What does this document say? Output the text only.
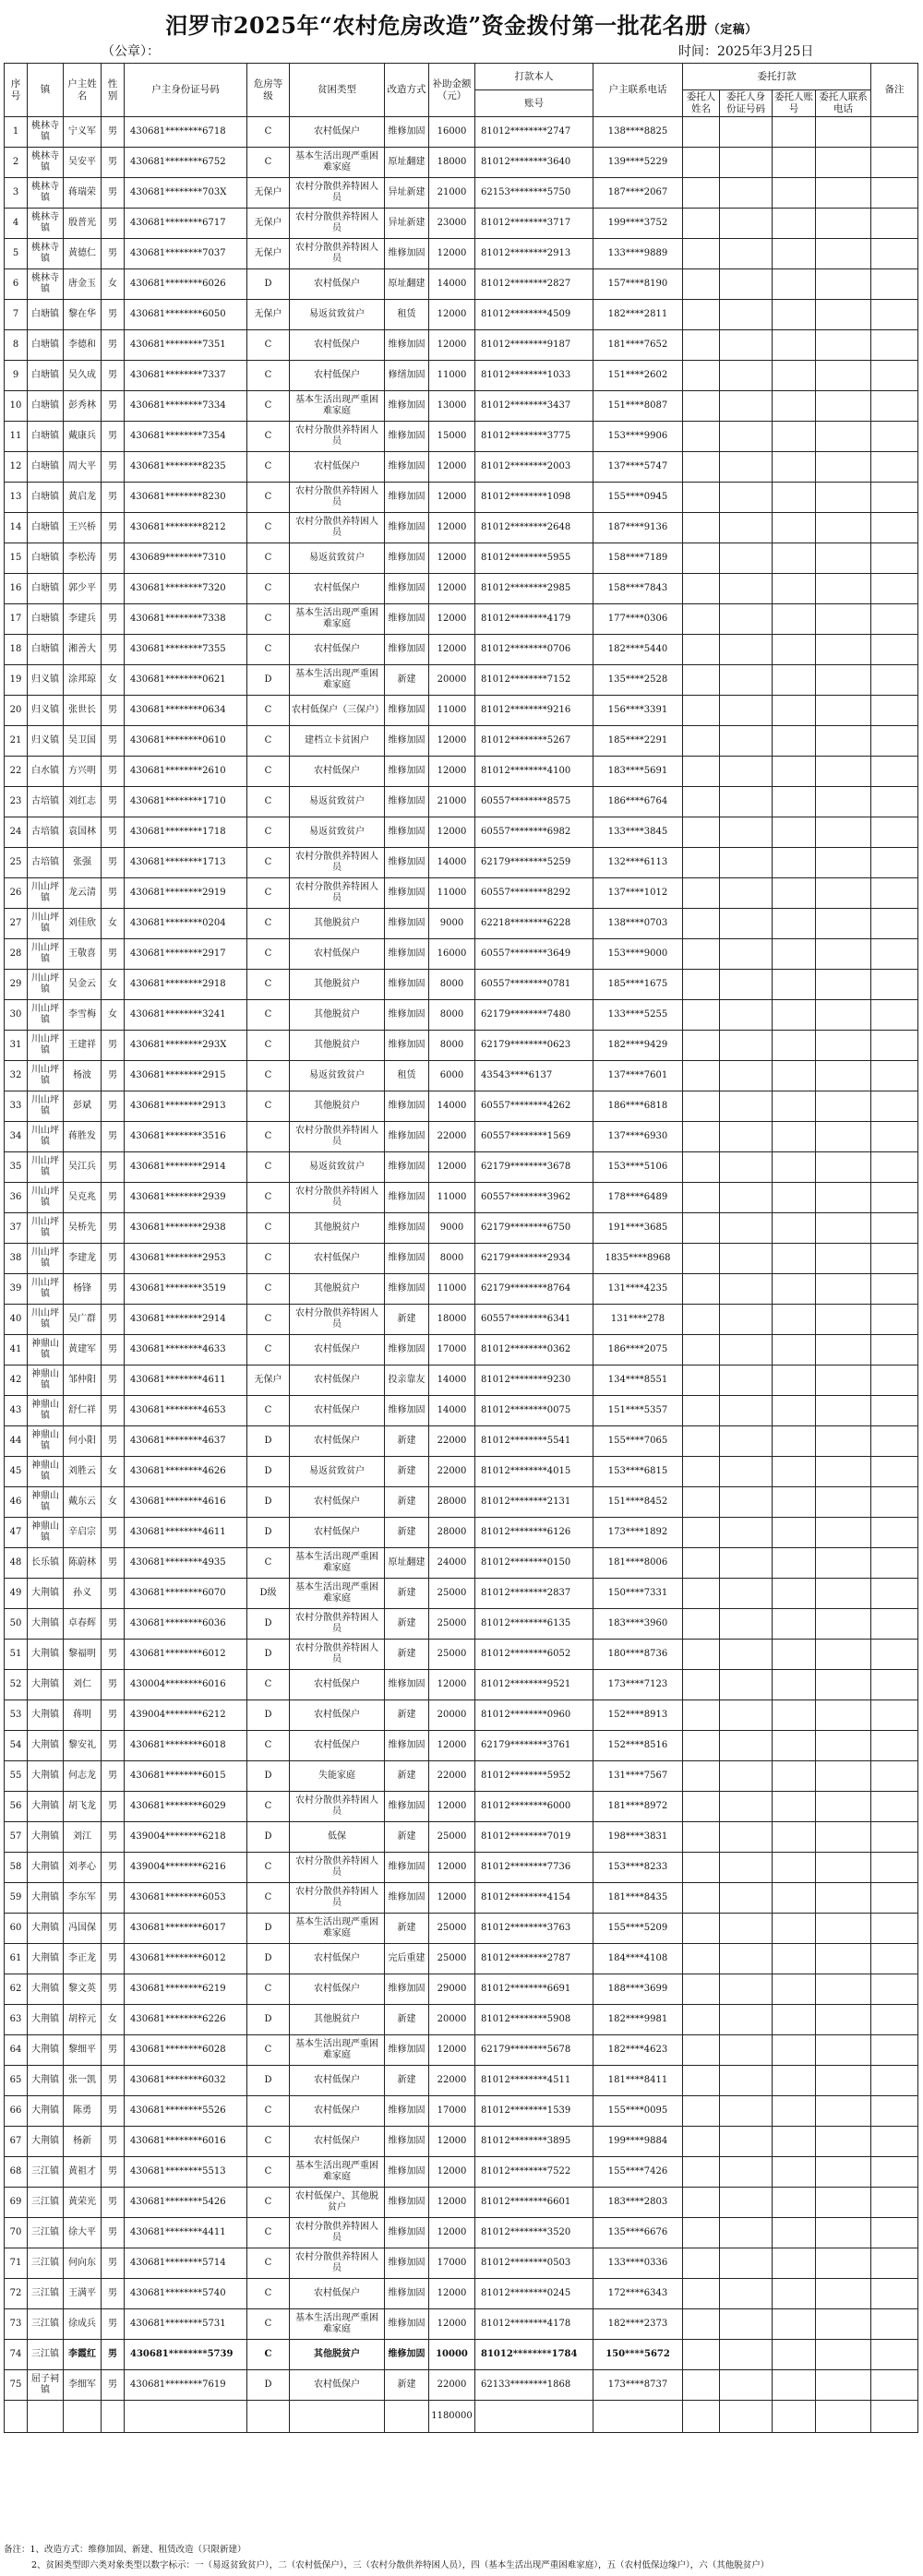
汨罗市2025年“农村危房改造”资金拨付第一批花名册（定稿）
（公章）：	时间：2025年3月25日
序号	镇	户主姓名	性别	户主身份证号码	危房等级	贫困类型	改造方式	补助金额（元）	打款本人	户主联系电话	委托打款				备注
									账号		委托人姓名	委托人身份证号码	委托人账号	委托人联系电话	
1	桃林寺镇	宁义军	男	430681********6718	C	农村低保户	维修加固	16000	81012********2747	138****8825					
2	桃林寺镇	吴安平	男	430681********6752	C	基本生活出现严重困难家庭	原址翻建	18000	81012********3640	139****5229					
3	桃林寺镇	蒋瑞荣	男	430681********703X	无保户	农村分散供养特困人员	异址新建	21000	62153********5750	187****2067					
4	桃林寺镇	殷普光	男	430681********6717	无保户	农村分散供养特困人员	异址新建	23000	81012********3717	199****3752					
5	桃林寺镇	黄德仁	男	430681********7037	无保户	农村分散供养特困人员	维修加固	12000	81012********2913	133****9889					
6	桃林寺镇	唐金玉	女	430681********6026	D	农村低保户	原址翻建	14000	81012********2827	157****8190					
7	白塘镇	黎在华	男	430681********6050	无保户	易返贫致贫户	租赁	12000	81012********4509	182****2811					
8	白塘镇	李德和	男	430681********7351	C	农村低保户	维修加固	12000	81012********9187	181****7652					
9	白塘镇	吴久成	男	430681********7337	C	农村低保户	修缮加固	11000	81012********1033	151****2602					
10	白塘镇	彭秀林	男	430681********7334	C	基本生活出现严重困难家庭	维修加固	13000	81012********3437	151****8087					
11	白塘镇	戴康兵	男	430681********7354	C	农村分散供养特困人员	维修加固	15000	81012********3775	153****9906					
12	白塘镇	周大平	男	430681********8235	C	农村低保户	维修加固	12000	81012********2003	137****5747					
13	白塘镇	黄启龙	男	430681********8230	C	农村分散供养特困人员	维修加固	12000	81012********1098	155****0945					
14	白塘镇	王兴桥	男	430681********8212	C	农村分散供养特困人员	维修加固	12000	81012********2648	187****9136					
15	白塘镇	李松涛	男	430689********7310	C	易返贫致贫户	维修加固	12000	81012********5955	158****7189					
16	白塘镇	郭少平	男	430681********7320	C	农村低保户	维修加固	12000	81012********2985	158****7843					
17	白塘镇	李建兵	男	430681********7338	C	基本生活出现严重困难家庭	维修加固	12000	81012********4179	177****0306					
18	白塘镇	湘善大	男	430681********7355	C	农村低保户	维修加固	12000	81012********0706	182****5440					
19	归义镇	涂邦琼	女	430681********0621	D	基本生活出现严重困难家庭	新建	20000	81012********7152	135****2528					
20	归义镇	张世长	男	430681********0634	C	农村低保户（三保户）	维修加固	11000	81012********9216	156****3391					
21	归义镇	吴卫国	男	430681********0610	C	建档立卡贫困户	维修加固	12000	81012********5267	185****2291					
22	白水镇	方兴明	男	430681********2610	C	农村低保户	维修加固	12000	81012********4100	183****5691					
23	古培镇	刘红志	男	430681********1710	C	易返贫致贫户	维修加固	21000	60557********8575	186****6764					
24	古培镇	袁国林	男	430681********1718	C	易返贫致贫户	维修加固	12000	60557********6982	133****3845					
25	古培镇	张强	男	430681********1713	C	农村分散供养特困人员	维修加固	14000	62179********5259	132****6113					
26	川山坪镇	龙云清	男	430681********2919	C	农村分散供养特困人员	维修加固	11000	60557********8292	137****1012					
27	川山坪镇	刘佳欣	女	430681********0204	C	其他脱贫户	维修加固	9000	62218********6228	138****0703					
28	川山坪镇	王敬喜	男	430681********2917	C	农村低保户	维修加固	16000	60557********3649	153****9000					
29	川山坪镇	吴金云	女	430681********2918	C	其他脱贫户	维修加固	8000	60557********0781	185****1675					
30	川山坪镇	李雪梅	女	430681********3241	C	其他脱贫户	维修加固	8000	62179********7480	133****5255					
31	川山坪镇	王建祥	男	430681********293X	C	其他脱贫户	维修加固	8000	62179********0623	182****9429					
32	川山坪镇	杨波	男	430681********2915	C	易返贫致贫户	租赁	6000	43543****6137	137****7601					
33	川山坪镇	彭斌	男	430681********2913	C	其他脱贫户	维修加固	14000	60557********4262	186****6818					
34	川山坪镇	蒋胜发	男	430681********3516	C	农村分散供养特困人员	维修加固	22000	60557********1569	137****6930					
35	川山坪镇	吴江兵	男	430681********2914	C	易返贫致贫户	维修加固	12000	62179********3678	153****5106					
36	川山坪镇	吴克兆	男	430681********2939	C	农村分散供养特困人员	维修加固	11000	60557********3962	178****6489					
37	川山坪镇	吴桥先	男	430681********2938	C	其他脱贫户	维修加固	9000	62179********6750	191****3685					
38	川山坪镇	李建龙	男	430681********2953	C	农村低保户	维修加固	8000	62179********2934	1835****8968					
39	川山坪镇	杨锋	男	430681********3519	C	其他脱贫户	维修加固	11000	62179********8764	131****4235					
40	川山坪镇	吴广群	男	430681********2914	C	农村分散供养特困人员	新建	18000	60557********6341	131****278					
41	神鼎山镇	黄建军	男	430681********4633	C	农村低保户	维修加固	17000	81012********0362	186****2075					
42	神鼎山镇	邹仲阳	男	430681********4611	无保户	农村低保户	投亲靠友	14000	81012********9230	134****8551					
43	神鼎山镇	舒仁祥	男	430681********4653	C	农村低保户	维修加固	14000	81012********0075	151****5357					
44	神鼎山镇	何小阳	男	430681********4637	D	农村低保户	新建	22000	81012********5541	155****7065					
45	神鼎山镇	刘胜云	女	430681********4626	D	易返贫致贫户	新建	22000	81012********4015	153****6815					
46	神鼎山镇	戴东云	女	430681********4616	D	农村低保户	新建	28000	81012********2131	151****8452					
47	神鼎山镇	辛启宗	男	430681********4611	D	农村低保户	新建	28000	81012********6126	173****1892					
48	长乐镇	陈蔚林	男	430681********4935	C	基本生活出现严重困难家庭	原址翻建	24000	81012********0150	181****8006					
49	大荆镇	孙义	男	430681********6070	D级	基本生活出现严重困难家庭	新建	25000	81012********2837	150****7331					
50	大荆镇	卓春辉	男	430681********6036	D	农村分散供养特困人员	新建	25000	81012********6135	183****3960					
51	大荆镇	黎福明	男	430681********6012	D	农村分散供养特困人员	新建	25000	81012********6052	180****8736					
52	大荆镇	刘仁	男	430004********6016	C	农村低保户	维修加固	12000	81012********9521	173****7123					
53	大荆镇	蒋明	男	439004********6212	D	农村低保户	新建	20000	81012********0960	152****8913					
54	大荆镇	黎安礼	男	430681********6018	C	农村低保户	维修加固	12000	62179********3761	152****8516					
55	大荆镇	何志龙	男	430681********6015	D	失能家庭	新建	22000	81012********5952	131****7567					
56	大荆镇	胡飞龙	男	430681********6029	C	农村分散供养特困人员	维修加固	12000	81012********6000	181****8972					
57	大荆镇	刘江	男	439004********6218	D	低保	新建	25000	81012********7019	198****3831					
58	大荆镇	刘孝心	男	439004********6216	C	农村分散供养特困人员	维修加固	12000	81012********7736	153****8233					
59	大荆镇	李东军	男	430681********6053	C	农村分散供养特困人员	维修加固	12000	81012********4154	181****8435					
60	大荆镇	冯国保	男	430681********6017	D	基本生活出现严重困难家庭	新建	25000	81012********3763	155****5209					
61	大荆镇	李正龙	男	430681********6012	D	农村低保户	完后重建	25000	81012********2787	184****4108					
62	大荆镇	黎文英	男	430681********6219	C	农村低保户	维修加固	29000	81012********6691	188****3699					
63	大荆镇	胡梓元	女	430681********6226	D	其他脱贫户	新建	20000	81012********5908	182****9981					
64	大荆镇	黎细平	男	430681********6028	C	基本生活出现严重困难家庭	维修加固	12000	62179********5678	182****4623					
65	大荆镇	张一凯	男	430681********6032	D	农村低保户	新建	22000	81012********4511	181****8411					
66	大荆镇	陈勇	男	430681********5526	C	农村低保户	维修加固	17000	81012********1539	155****0095					
67	大荆镇	杨新	男	430681********6016	C	农村低保户	维修加固	12000	81012********3895	199****9884					
68	三江镇	黄祖才	男	430681********5513	C	基本生活出现严重困难家庭	维修加固	12000	81012********7522	155****7426					
69	三江镇	黄荣光	男	430681********5426	C	农村低保户、其他脱贫户	维修加固	12000	81012********6601	183****2803					
70	三江镇	徐大平	男	430681********4411	C	农村分散供养特困人员	维修加固	12000	81012********3520	135****6676					
71	三江镇	何向东	男	430681********5714	C	农村分散供养特困人员	维修加固	17000	81012********0503	133****0336					
72	三江镇	王满平	男	430681********5740	C	农村低保户	维修加固	12000	81012********0245	172****6343					
73	三江镇	徐成兵	男	430681********5731	C	基本生活出现严重困难家庭	维修加固	12000	81012********4178	182****2373					
74	三江镇	李霞红	男	430681********5739	C	其他脱贫户	维修加固	10000	81012********1784	150****5672					
75	屈子祠镇	李细军	男	430681********7619	D	农村低保户	新建	22000	62133********1868	173****8737					
								1180000							
备注：1、改造方式：维修加固、新建、租赁改造（只限新建）
2、贫困类型即六类对象类型以数字标示：一（易返贫致贫户），二（农村低保户），三（农村分散供养特困人员），四（基本生活出现严重困难家庭），五（农村低保边缘户），六（其他脱贫户）
